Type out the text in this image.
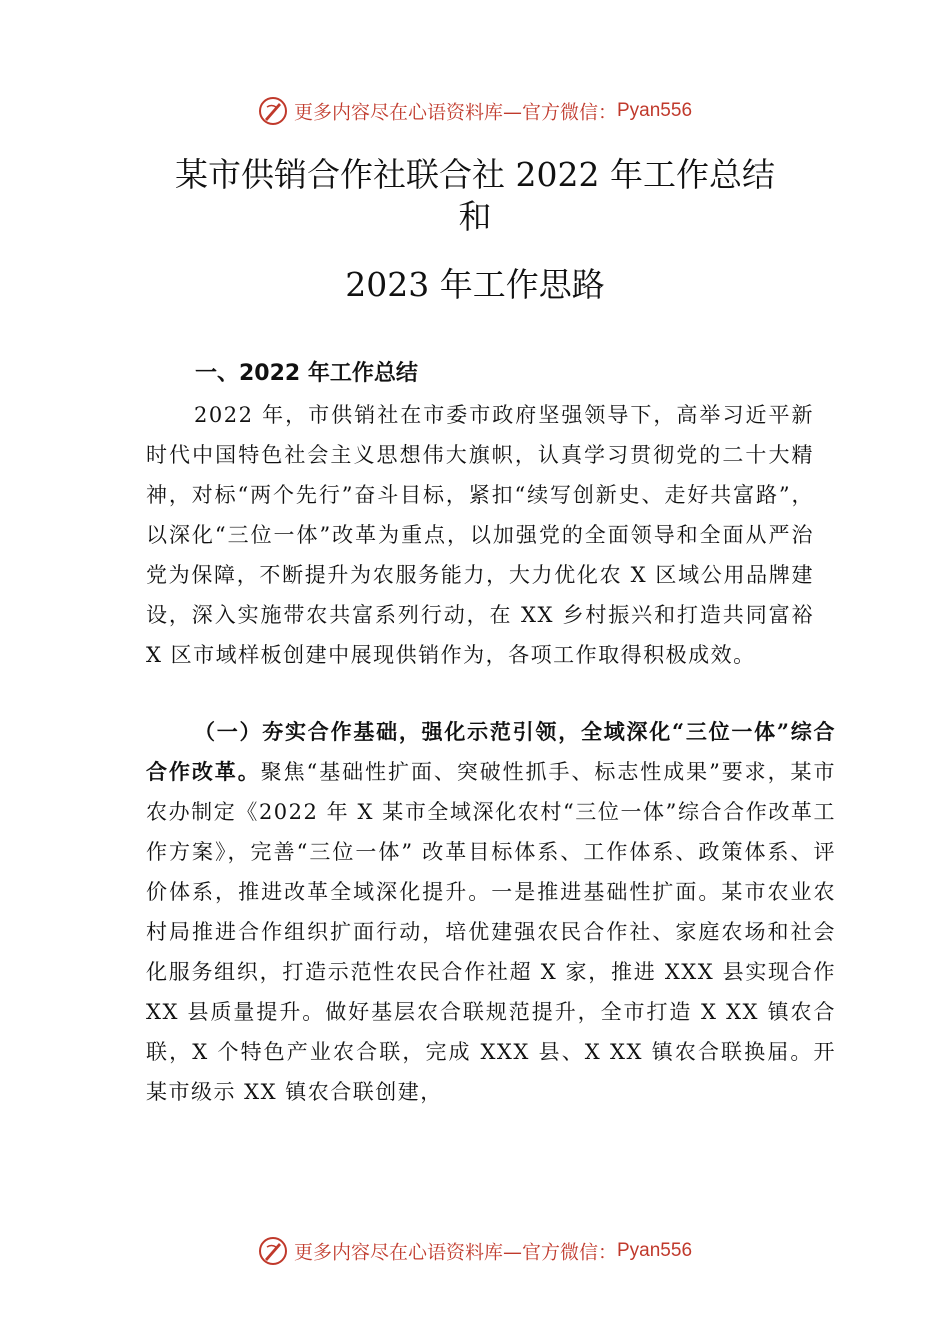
更多内容尽在心语资料库—官方微信：Pyan556
某市供销合作社联合社 2022 年工作总结
和
2023 年工作思路
一、2022 年工作总结
2022 年，市供销社在市委市政府坚强领导下，高举习近平新时代中国特色社会主义思想伟大旗帜，认真学习贯彻党的二十大精神，对标“两个先行”奋斗目标，紧扣“续写创新史、走好共富路”，以深化“三位一体”改革为重点，以加强党的全面领导和全面从严治党为保障，不断提升为农服务能力，大力优化农 X 区域公用品牌建设，深入实施带农共富系列行动，在 XX 乡村振兴和打造共同富裕 X 区市域样板创建中展现供销作为，各项工作取得积极成效。
（一）夯实合作基础，强化示范引领，全域深化“三位一体”综合合作改革。聚焦“基础性扩面、突破性抓手、标志性成果”要求，某市农办制定《2022 年 X 某市全域深化农村“三位一体”综合合作改革工作方案》，完善“三位一体” 改革目标体系、工作体系、政策体系、评价体系，推进改革全域深化提升。一是推进基础性扩面。某市农业农村局推进合作组织扩面行动，培优建强农民合作社、家庭农场和社会化服务组织，打造示范性农民合作社超 X 家，推进 XXX 县实现合作 XX 县质量提升。做好基层农合联规范提升，全市打造 X XX 镇农合联，X 个特色产业农合联，完成 XXX 县、X XX 镇农合联换届。开某市级示 XX 镇农合联创建，
更多内容尽在心语资料库—官方微信：Pyan556
